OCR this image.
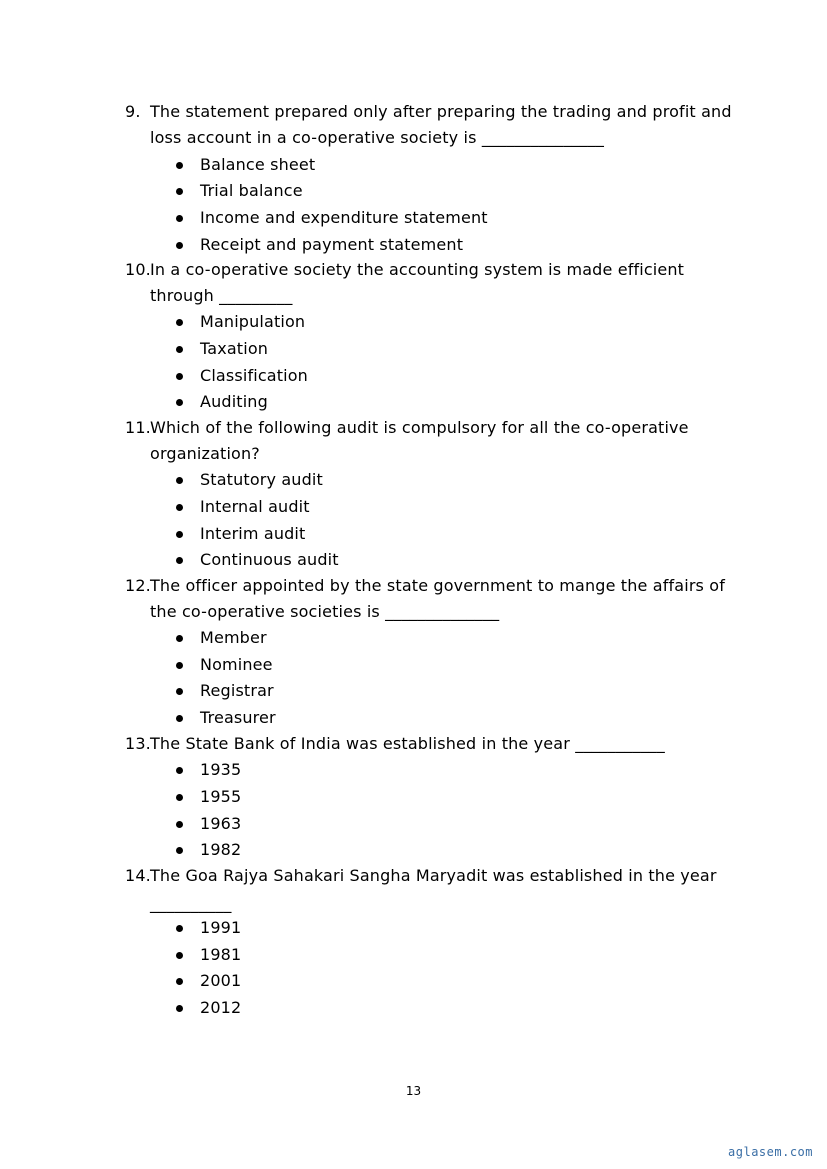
9. The statement prepared only after preparing the trading and profit and
loss account in a co-operative society is _______________
Balance sheet
Trial balance
Income and expenditure statement
Receipt and payment statement
10. In a co-operative society the accounting system is made efficient
through _________
Manipulation
Taxation
Classification
Auditing
11. Which of the following audit is compulsory for all the co-operative
organization?
Statutory audit
Internal audit
Interim audit
Continuous audit
12. The officer appointed by the state government to mange the affairs of
the co-operative societies is ______________
Member
Nominee
Registrar
Treasurer
13. The State Bank of India was established in the year ___________
1935
1955
1963
1982
14. The Goa Rajya Sahakari Sangha Maryadit was established in the year
__________
1991
1981
2001
2012
13
aglasem.com
